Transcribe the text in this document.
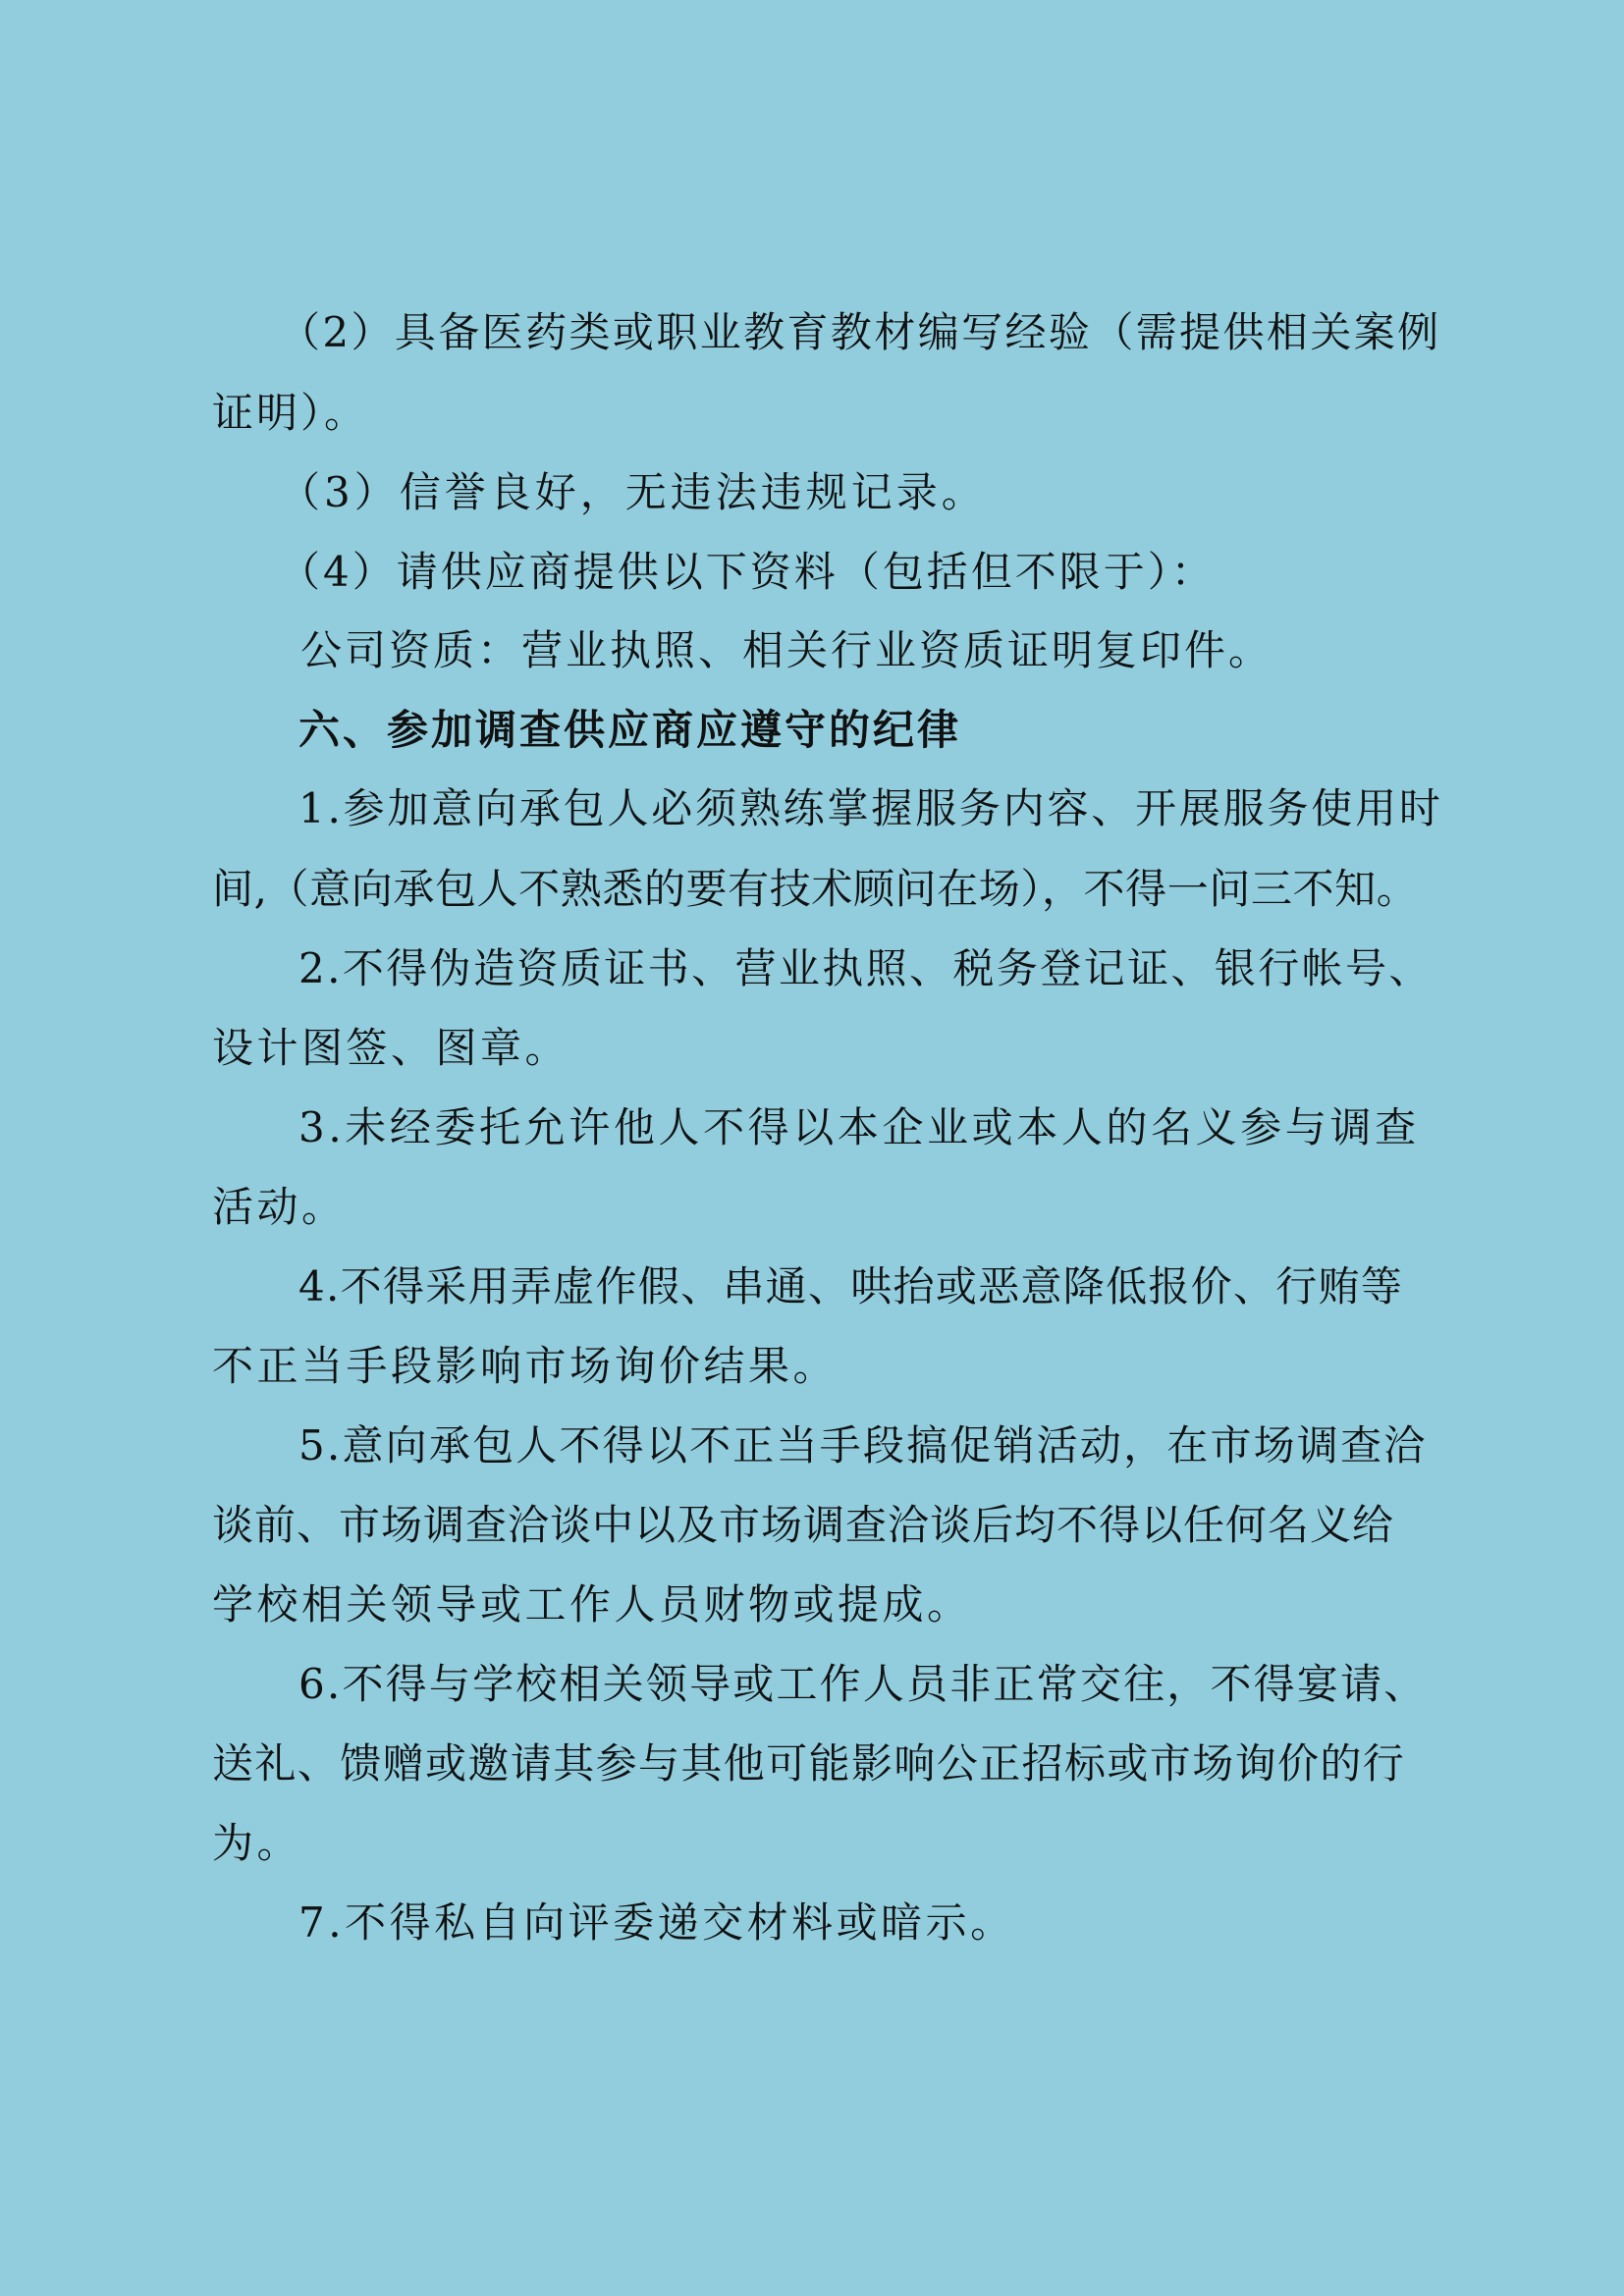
（2）具备医药类或职业教育教材编写经验（需提供相关案例
证明）。
（3）信誉良好，无违法违规记录。
（4）请供应商提供以下资料（包括但不限于）：
公司资质：营业执照、相关行业资质证明复印件。
六、参加调查供应商应遵守的纪律
1.参加意向承包人必须熟练掌握服务内容、开展服务使用时
间,（意向承包人不熟悉的要有技术顾问在场），不得一问三不知。
2.不得伪造资质证书、营业执照、税务登记证、银行帐号、
设计图签、图章。
3.未经委托允许他人不得以本企业或本人的名义参与调查
活动。
4.不得采用弄虚作假、串通、哄抬或恶意降低报价、行贿等
不正当手段影响市场询价结果。
5.意向承包人不得以不正当手段搞促销活动，在市场调查洽
谈前、市场调查洽谈中以及市场调查洽谈后均不得以任何名义给
学校相关领导或工作人员财物或提成。
6.不得与学校相关领导或工作人员非正常交往，不得宴请、
送礼、馈赠或邀请其参与其他可能影响公正招标或市场询价的行
为。
7.不得私自向评委递交材料或暗示。
